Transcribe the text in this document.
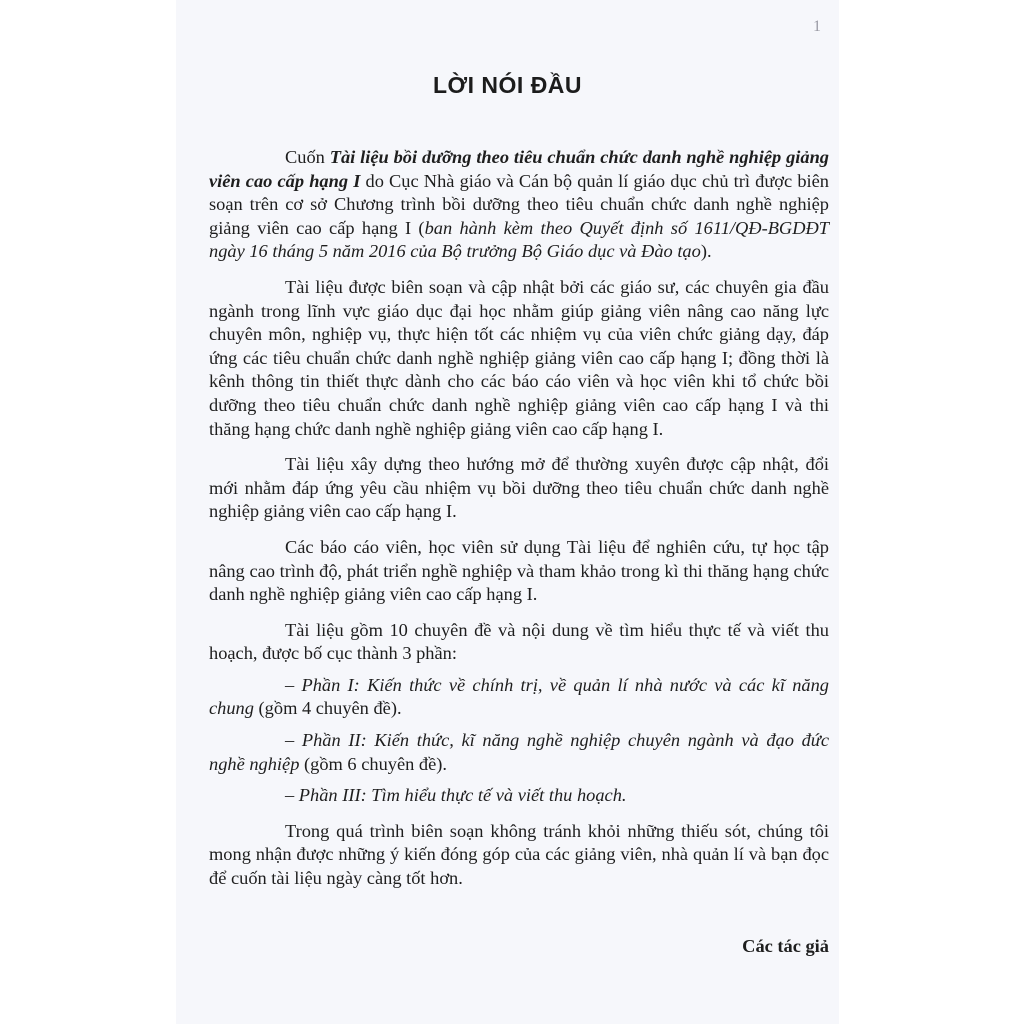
1
LỜI NÓI ĐẦU

Cuốn Tài liệu bồi dưỡng theo tiêu chuẩn chức danh nghề nghiệp giảng viên cao cấp hạng I do Cục Nhà giáo và Cán bộ quản lí giáo dục chủ trì được biên soạn trên cơ sở Chương trình bồi dưỡng theo tiêu chuẩn chức danh nghề nghiệp giảng viên cao cấp hạng I (ban hành kèm theo Quyết định số 1611/QĐ-BGDĐT ngày 16 tháng 5 năm 2016 của Bộ trưởng Bộ Giáo dục và Đào tạo).

Tài liệu được biên soạn và cập nhật bởi các giáo sư, các chuyên gia đầu ngành trong lĩnh vực giáo dục đại học nhằm giúp giảng viên nâng cao năng lực chuyên môn, nghiệp vụ, thực hiện tốt các nhiệm vụ của viên chức giảng dạy, đáp ứng các tiêu chuẩn chức danh nghề nghiệp giảng viên cao cấp hạng I; đồng thời là kênh thông tin thiết thực dành cho các báo cáo viên và học viên khi tổ chức bồi dưỡng theo tiêu chuẩn chức danh nghề nghiệp giảng viên cao cấp hạng I và thi thăng hạng chức danh nghề nghiệp giảng viên cao cấp hạng I.

Tài liệu xây dựng theo hướng mở để thường xuyên được cập nhật, đổi mới nhằm đáp ứng yêu cầu nhiệm vụ bồi dưỡng theo tiêu chuẩn chức danh nghề nghiệp giảng viên cao cấp hạng I.

Các báo cáo viên, học viên sử dụng Tài liệu để nghiên cứu, tự học tập nâng cao trình độ, phát triển nghề nghiệp và tham khảo trong kì thi thăng hạng chức danh nghề nghiệp giảng viên cao cấp hạng I.

Tài liệu gồm 10 chuyên đề và nội dung về tìm hiểu thực tế và viết thu hoạch, được bố cục thành 3 phần:

– Phần I: Kiến thức về chính trị, về quản lí nhà nước và các kĩ năng chung (gồm 4 chuyên đề).

– Phần II: Kiến thức, kĩ năng nghề nghiệp chuyên ngành và đạo đức nghề nghiệp (gồm 6 chuyên đề).

– Phần III: Tìm hiểu thực tế và viết thu hoạch.

Trong quá trình biên soạn không tránh khỏi những thiếu sót, chúng tôi mong nhận được những ý kiến đóng góp của các giảng viên, nhà quản lí và bạn đọc để cuốn tài liệu ngày càng tốt hơn.

Các tác giả
